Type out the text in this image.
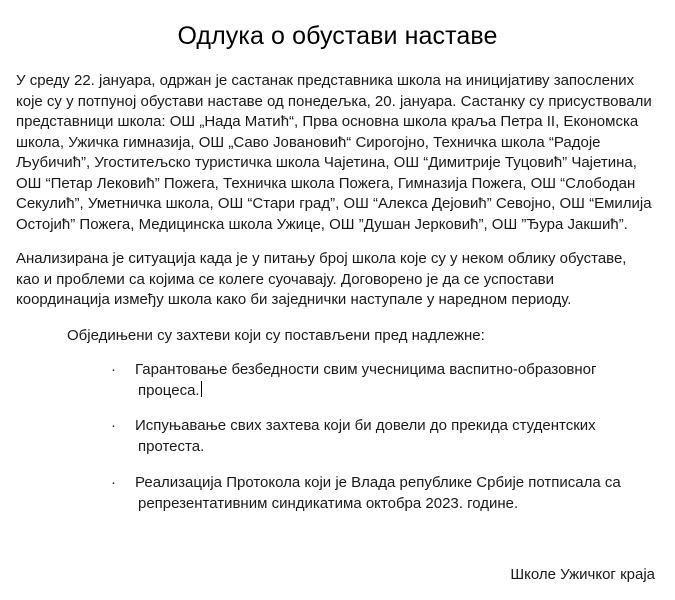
Одлука о обустави наставе

У среду 22. јануара, одржан је састанак представника школа на иницијативу запослених
које су у потпуној обустави наставе од понедељка, 20. јануара. Састанку су присуствовали
представници школа: ОШ „Нада Матић“, Прва основна школа краља Петра II, Економска
школа, Ужичка гимназија, ОШ „Саво Јовановић“ Сирогојно, Техничка школа “Радоје
Љубичић”, Угоститељско туристичка школа Чајетина, ОШ “Димитрије Туцовић” Чајетина,
ОШ “Петар Лековић” Пожега, Техничка школа Пожега, Гимназија Пожега, ОШ “Слободан
Секулић”, Уметничка школа, ОШ “Стари град”, ОШ “Алекса Дејовић” Севојно, ОШ “Емилија
Остојић” Пожега, Медицинска школа Ужице, ОШ ”Душан Јерковић”, ОШ ”Ђура Јакшић”.

Анализирана је ситуација када је у питању број школа које су у неком облику обуставе,
као и проблеми са којима се колеге суочавају. Договорено је да се успостави
координација између школа како би заједнички наступале у наредном периоду.

Обједињени су захтеви који су постављени пред надлежне:
·	Гарантовање безбедности свим учесницима васпитно-образовног
процеса.
·	Испуњавање свих захтева који би довели до прекида студентских
протеста.
·	Реализација Протокола који је Влада републике Србије потписала са
репрезентативним синдикатима октобра 2023. године.
Школе Ужичког краја
